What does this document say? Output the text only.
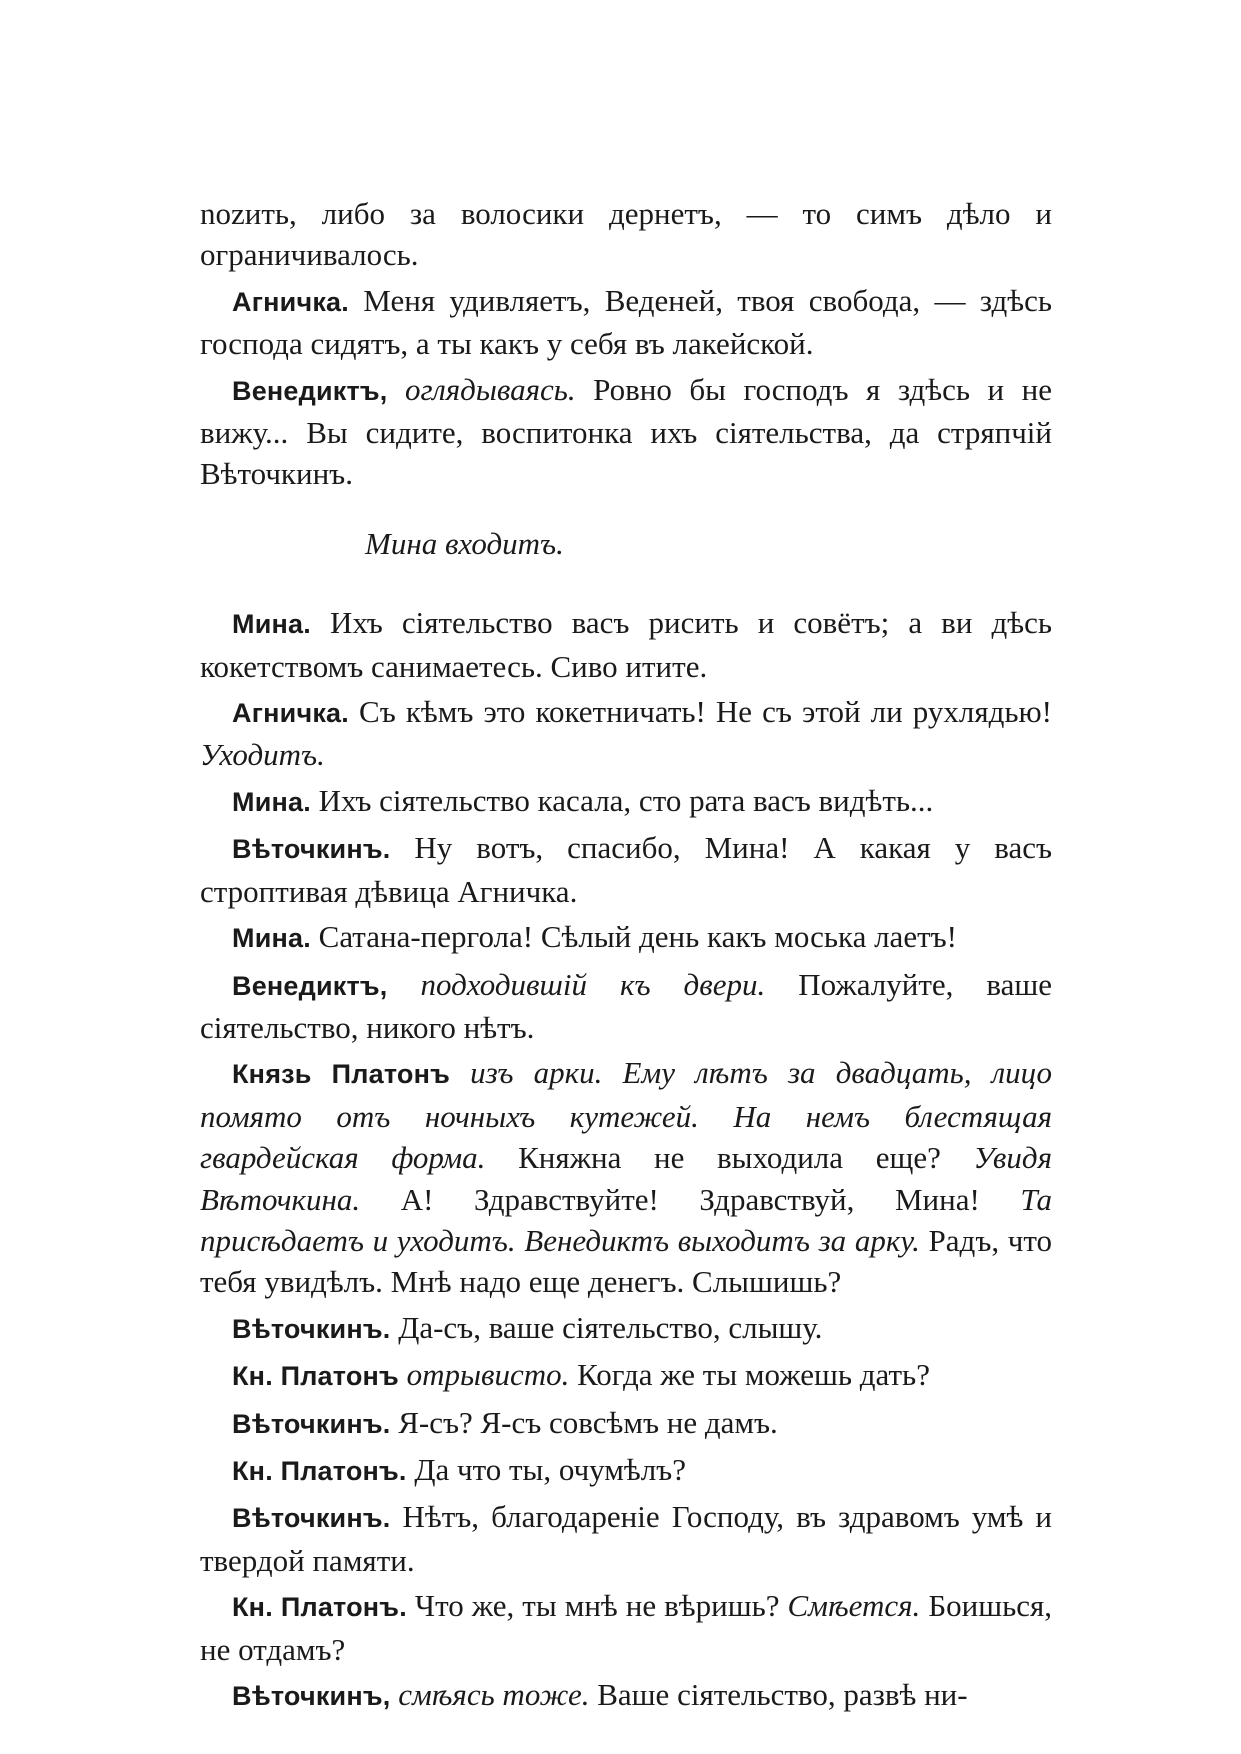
nozить, либо за волосики дернетъ, — то симъ дѣло и ограничивалось.

Агничка. Меня удивляетъ, Веденей, твоя свобода, — здѣсь господа сидятъ, а ты какъ у себя въ лакейской.

Венедиктъ, оглядываясь. Ровно бы господъ я здѣсь и не вижу... Вы сидите, воспитонка ихъ сіятельства, да стряпчій Вѣточкинъ.

Мина входитъ.

Мина. Ихъ сіятельство васъ рисить и совётъ; а ви дѣсь кокетствомъ санимаетесь. Сиво итите.

Агничка. Съ кѣмъ это кокетничать! Не съ этой ли рухлядью! Уходитъ.

Мина. Ихъ сіятельство касала, сто рата васъ видѣть...

Вѣточкинъ. Ну вотъ, спасибо, Мина! А какая у васъ строптивая дѣвица Агничка.

Мина. Сатана-пергола! Сѣлый день какъ моська лаетъ!

Венедиктъ, подходившій къ двери. Пожалуйте, ваше сіятельство, никого нѣтъ.

Князь Платонъ изъ арки. Ему лѣтъ за двадцать, лицо помято отъ ночныхъ кутежей. На немъ блестящая гвардейская форма. Княжна не выходила еще? Увидя Вѣточкина. А! Здравствуйте! Здравствуй, Мина! Та приcѣдаетъ и уходитъ. Венедиктъ выходитъ за арку. Радъ, что тебя увидѣлъ. Мнѣ надо еще денегъ. Слышишь?

Вѣточкинъ. Да-съ, ваше сіятельство, слышу.

Кн. Платонъ отрывисто. Когда же ты можешь дать?

Вѣточкинъ. Я-съ? Я-съ совсѣмъ не дамъ.

Кн. Платонъ. Да что ты, очумѣлъ?

Вѣточкинъ. Нѣтъ, благодареніе Господу, въ здравомъ умѣ и твердой памяти.

Кн. Платонъ. Что же, ты мнѣ не вѣришь? Смѣется. Боишься, не отдамъ?

Вѣточкинъ, смѣясь тоже. Ваше сіятельство, развѣ ни-
